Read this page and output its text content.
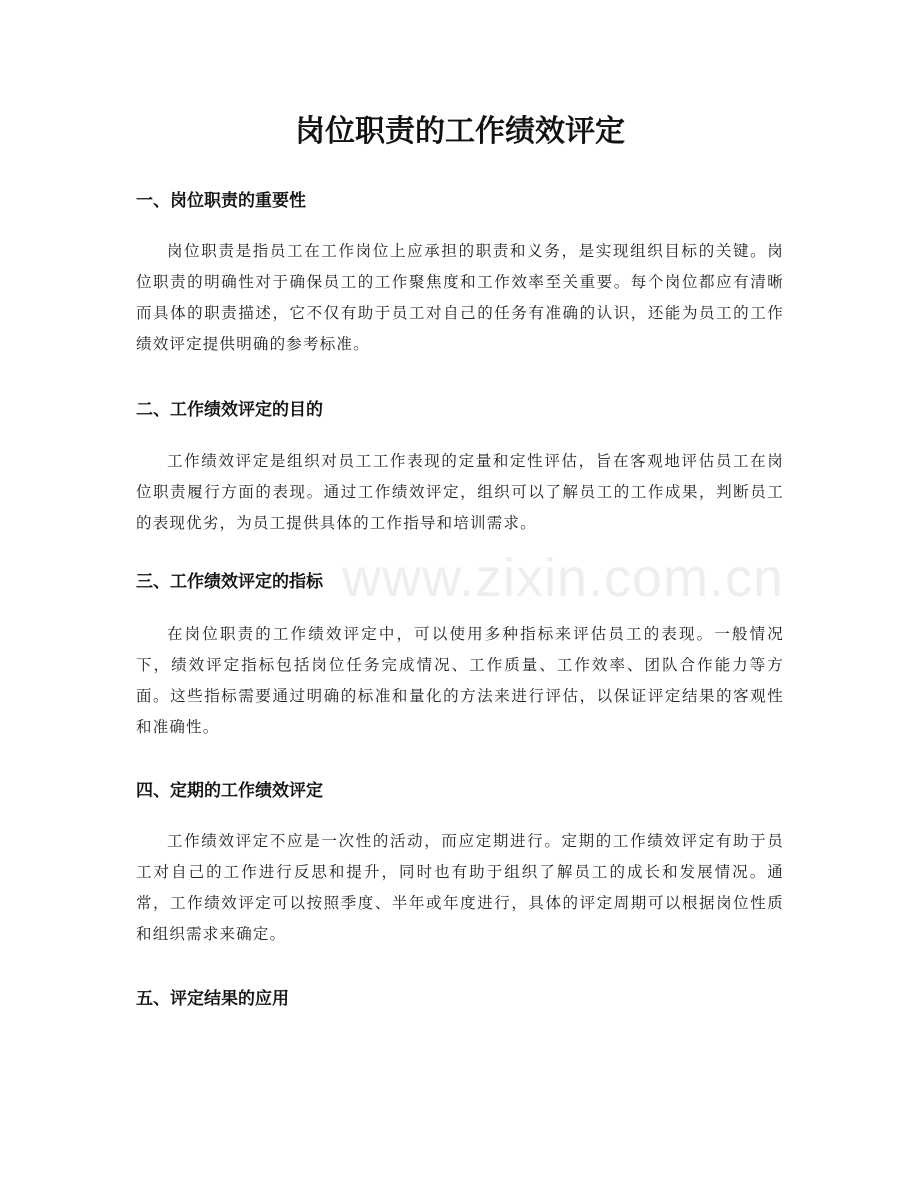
岗位职责的工作绩效评定
www.zixin.com.cn
一、岗位职责的重要性

岗位职责是指员工在工作岗位上应承担的职责和义务，是实现组织目标的关键。岗位职责的明确性对于确保员工的工作聚焦度和工作效率至关重要。每个岗位都应有清晰而具体的职责描述，它不仅有助于员工对自己的任务有准确的认识，还能为员工的工作绩效评定提供明确的参考标准。

二、工作绩效评定的目的

工作绩效评定是组织对员工工作表现的定量和定性评估，旨在客观地评估员工在岗位职责履行方面的表现。通过工作绩效评定，组织可以了解员工的工作成果，判断员工的表现优劣，为员工提供具体的工作指导和培训需求。

三、工作绩效评定的指标

在岗位职责的工作绩效评定中，可以使用多种指标来评估员工的表现。一般情况下，绩效评定指标包括岗位任务完成情况、工作质量、工作效率、团队合作能力等方面。这些指标需要通过明确的标准和量化的方法来进行评估，以保证评定结果的客观性和准确性。

四、定期的工作绩效评定

工作绩效评定不应是一次性的活动，而应定期进行。定期的工作绩效评定有助于员工对自己的工作进行反思和提升，同时也有助于组织了解员工的成长和发展情况。通常，工作绩效评定可以按照季度、半年或年度进行，具体的评定周期可以根据岗位性质和组织需求来确定。

五、评定结果的应用
